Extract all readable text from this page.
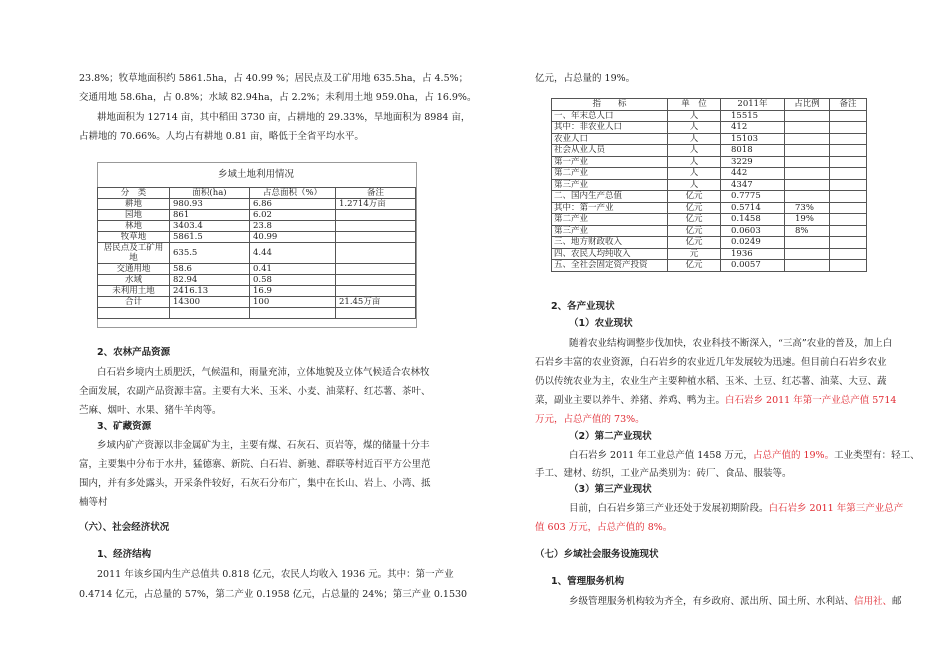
23.8%；牧草地面积约 5861.5ha，占 40.99 %；居民点及工矿用地 635.5ha，占 4.5%；
交通用地 58.6ha，占 0.8%；水域 82.94ha，占 2.2%；未利用土地 959.0ha，占 16.9%。
耕地面积为 12714 亩，其中稻田 3730 亩，占耕地的 29.33%，旱地面积为 8984 亩，
占耕地的 70.66%。人均占有耕地 0.81 亩，略低于全省平均水平。
乡域土地利用情况
分　类	面积(ha)	占总面积（%）	备注
耕地	980.93	6.86	1.2714万亩
园地	861	6.02	
林地	3403.4	23.8	
牧草地	5861.5	40.99	
居民点及工矿用地	635.5	4.44	
交通用地	58.6	0.41	
水域	82.94	0.58	
未利用土地	2416.13	16.9	
合计	14300	100	21.45万亩

2、农林产品资源
白石岩乡境内土质肥沃，气候温和，雨量充沛，立体地貌及立体气候适合农林牧
全面发展，农副产品资源丰富。主要有大米、玉米、小麦、油菜籽、红芯薯、茶叶、
苎麻、烟叶、水果、猪牛羊肉等。
3、矿藏资源
乡域内矿产资源以非金属矿为主，主要有煤、石灰石、页岩等，煤的储量十分丰
富，主要集中分布于水井，猛德寨、新院、白石岩、新驰、群联等村近百平方公里范
围内，并有多处露头，开采条件较好，石灰石分布广，集中在长山、岩上、小湾、抵
楠等村
（六）、社会经济状况
1、经济结构
2011 年该乡国内生产总值共 0.818 亿元，农民人均收入 1936 元。其中：第一产业
0.4714 亿元，占总量的 57%，第二产业 0.1958 亿元，占总量的 24%；第三产业 0.1530
亿元，占总量的 19%。
指　　标	单　位	2011年	占比例	备注
一、年末总人口	人	15515		
其中：非农业人口	人	412		
农业人口	人	15103		
社会从业人员	人	8018		
第一产业	人	3229		
第二产业	人	442		
第三产业	人	4347		
二、国内生产总值	亿元	0.7775		
其中：第一产业	亿元	0.5714	73%	
第二产业	亿元	0.1458	19%	
第三产业	亿元	0.0603	8%	
三、地方财政收入	亿元	0.0249		
四、农民人均纯收入	元	1936		
五、全社会固定资产投资	亿元	0.0057		
2、各产业现状
（1）农业现状
随着农业结构调整步伐加快，农业科技不断深入，“三高”农业的普及，加上白
石岩乡丰富的农业资源，白石岩乡的农业近几年发展较为迅速。但目前白石岩乡农业
仍以传统农业为主，农业生产主要种植水稻、玉米、土豆、红芯薯、油菜、大豆、蔬
菜，副业主要以养牛、养猪、养鸡、鸭为主。白石岩乡 2011 年第一产业总产值 5714
万元，占总产值的 73%。
（2）第二产业现状
白石岩乡 2011 年工业总产值 1458 万元，占总产值的 19%。工业类型有：轻工、
手工、建材、纺织，工业产品类别为：砖厂、食品、服装等。
（3）第三产业现状
目前，白石岩乡第三产业还处于发展初期阶段。白石岩乡 2011 年第三产业总产
值 603 万元，占总产值的 8%。
（七）乡域社会服务设施现状
1、管理服务机构
乡级管理服务机构较为齐全，有乡政府、派出所、国土所、水利站、信用社、邮
